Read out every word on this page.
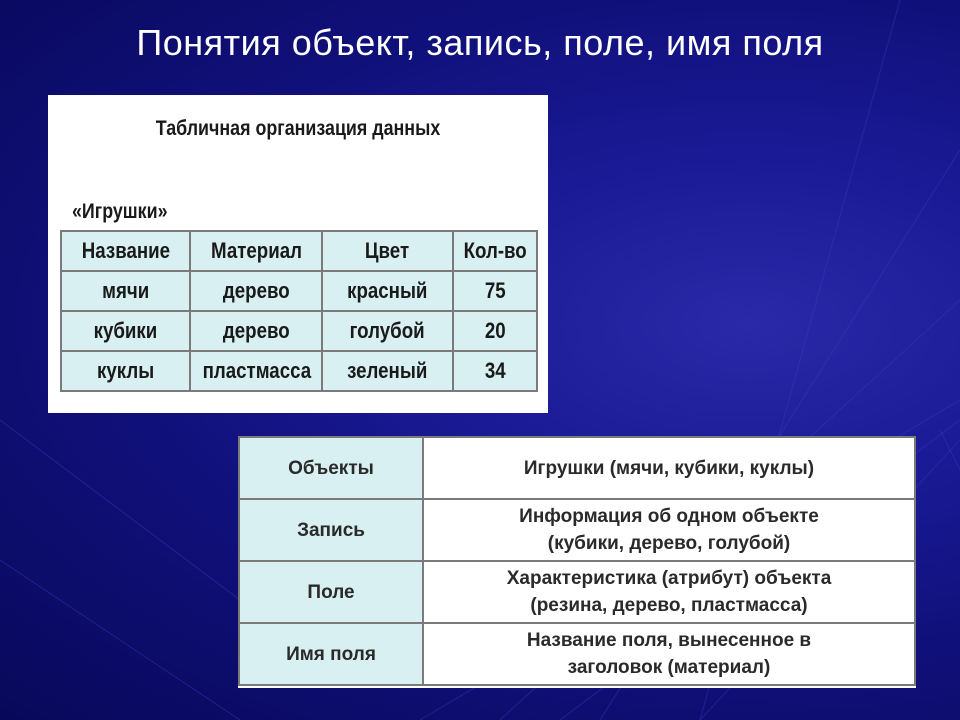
Понятия объект, запись, поле, имя поля
Табличная организация данных
«Игрушки»
Название	Материал	Цвет	Кол-во
мячи	дерево	красный	75
кубики	дерево	голубой	20
куклы	пластмасса	зеленый	34
Объекты	Игрушки (мячи, кубики, куклы)

Запись	Информация об одном объекте
(кубики, дерево, голубой)

Поле	Характеристика (атрибут) объекта
(резина, дерево, пластмасса)

Имя поля	Название поля, вынесенное в
заголовок (материал)
